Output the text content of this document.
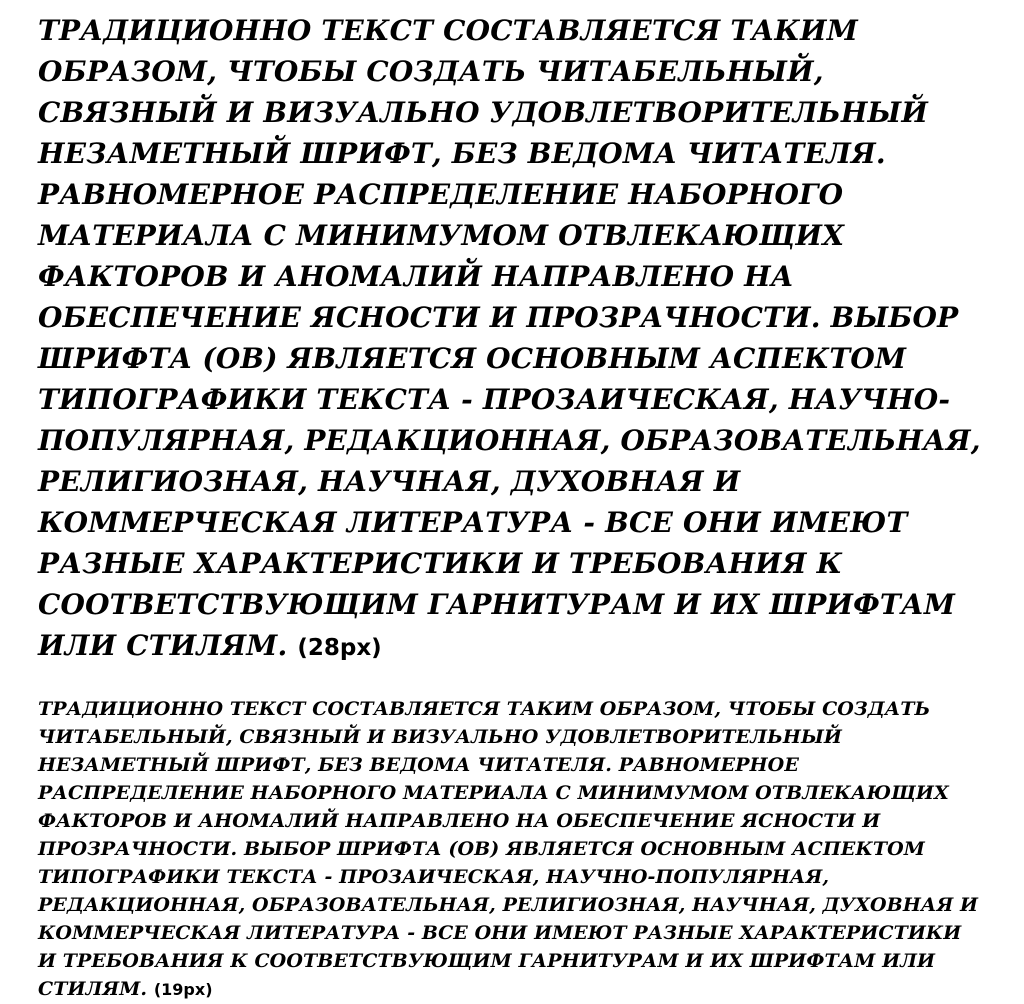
ТРАДИЦИОННО ТЕКСТ СОСТАВЛЯЕТСЯ ТАКИМ ОБРАЗОМ, ЧТОБЫ СОЗДАТЬ ЧИТАБЕЛЬНЫЙ, СВЯЗНЫЙ И ВИЗУАЛЬНО УДОВЛЕТВОРИТЕЛЬНЫЙ НЕЗАМЕТНЫЙ ШРИФТ, БЕЗ ВЕДОМА ЧИТАТЕЛЯ. РАВНОМЕРНОЕ РАСПРЕДЕЛЕНИЕ НАБОРНОГО МАТЕРИАЛА С МИНИМУМОМ ОТВЛЕКАЮЩИХ ФАКТОРОВ И АНОМАЛИЙ НАПРАВЛЕНО НА ОБЕСПЕЧЕНИЕ ЯСНОСТИ И ПРОЗРАЧНОСТИ. ВЫБОР ШРИФТА (ОВ) ЯВЛЯЕТСЯ ОСНОВНЫМ АСПЕКТОМ ТИПОГРАФИКИ ТЕКСТА - ПРОЗАИЧЕСКАЯ, НАУЧНО-ПОПУЛЯРНАЯ, РЕДАКЦИОННАЯ, ОБРАЗОВАТЕЛЬНАЯ, РЕЛИГИОЗНАЯ, НАУЧНАЯ, ДУХОВНАЯ И КОММЕРЧЕСКАЯ ЛИТЕРАТУРА - ВСЕ ОНИ ИМЕЮТ РАЗНЫЕ ХАРАКТЕРИСТИКИ И ТРЕБОВАНИЯ К СООТВЕТСТВУЮЩИМ ГАРНИТУРАМ И ИХ ШРИФТАМ ИЛИ СТИЛЯМ. (28px)

ТРАДИЦИОННО ТЕКСТ СОСТАВЛЯЕТСЯ ТАКИМ ОБРАЗОМ, ЧТОБЫ СОЗДАТЬ ЧИТАБЕЛЬНЫЙ, СВЯЗНЫЙ И ВИЗУАЛЬНО УДОВЛЕТВОРИТЕЛЬНЫЙ НЕЗАМЕТНЫЙ ШРИФТ, БЕЗ ВЕДОМА ЧИТАТЕЛЯ. РАВНОМЕРНОЕ РАСПРЕДЕЛЕНИЕ НАБОРНОГО МАТЕРИАЛА С МИНИМУМОМ ОТВЛЕКАЮЩИХ ФАКТОРОВ И АНОМАЛИЙ НАПРАВЛЕНО НА ОБЕСПЕЧЕНИЕ ЯСНОСТИ И ПРОЗРАЧНОСТИ. ВЫБОР ШРИФТА (ОВ) ЯВЛЯЕТСЯ ОСНОВНЫМ АСПЕКТОМ ТИПОГРАФИКИ ТЕКСТА - ПРОЗАИЧЕСКАЯ, НАУЧНО-ПОПУЛЯРНАЯ, РЕДАКЦИОННАЯ, ОБРАЗОВАТЕЛЬНАЯ, РЕЛИГИОЗНАЯ, НАУЧНАЯ, ДУХОВНАЯ И КОММЕРЧЕСКАЯ ЛИТЕРАТУРА - ВСЕ ОНИ ИМЕЮТ РАЗНЫЕ ХАРАКТЕРИСТИКИ И ТРЕБОВАНИЯ К СООТВЕТСТВУЮЩИМ ГАРНИТУРАМ И ИХ ШРИФТАМ ИЛИ СТИЛЯМ. (19px)
